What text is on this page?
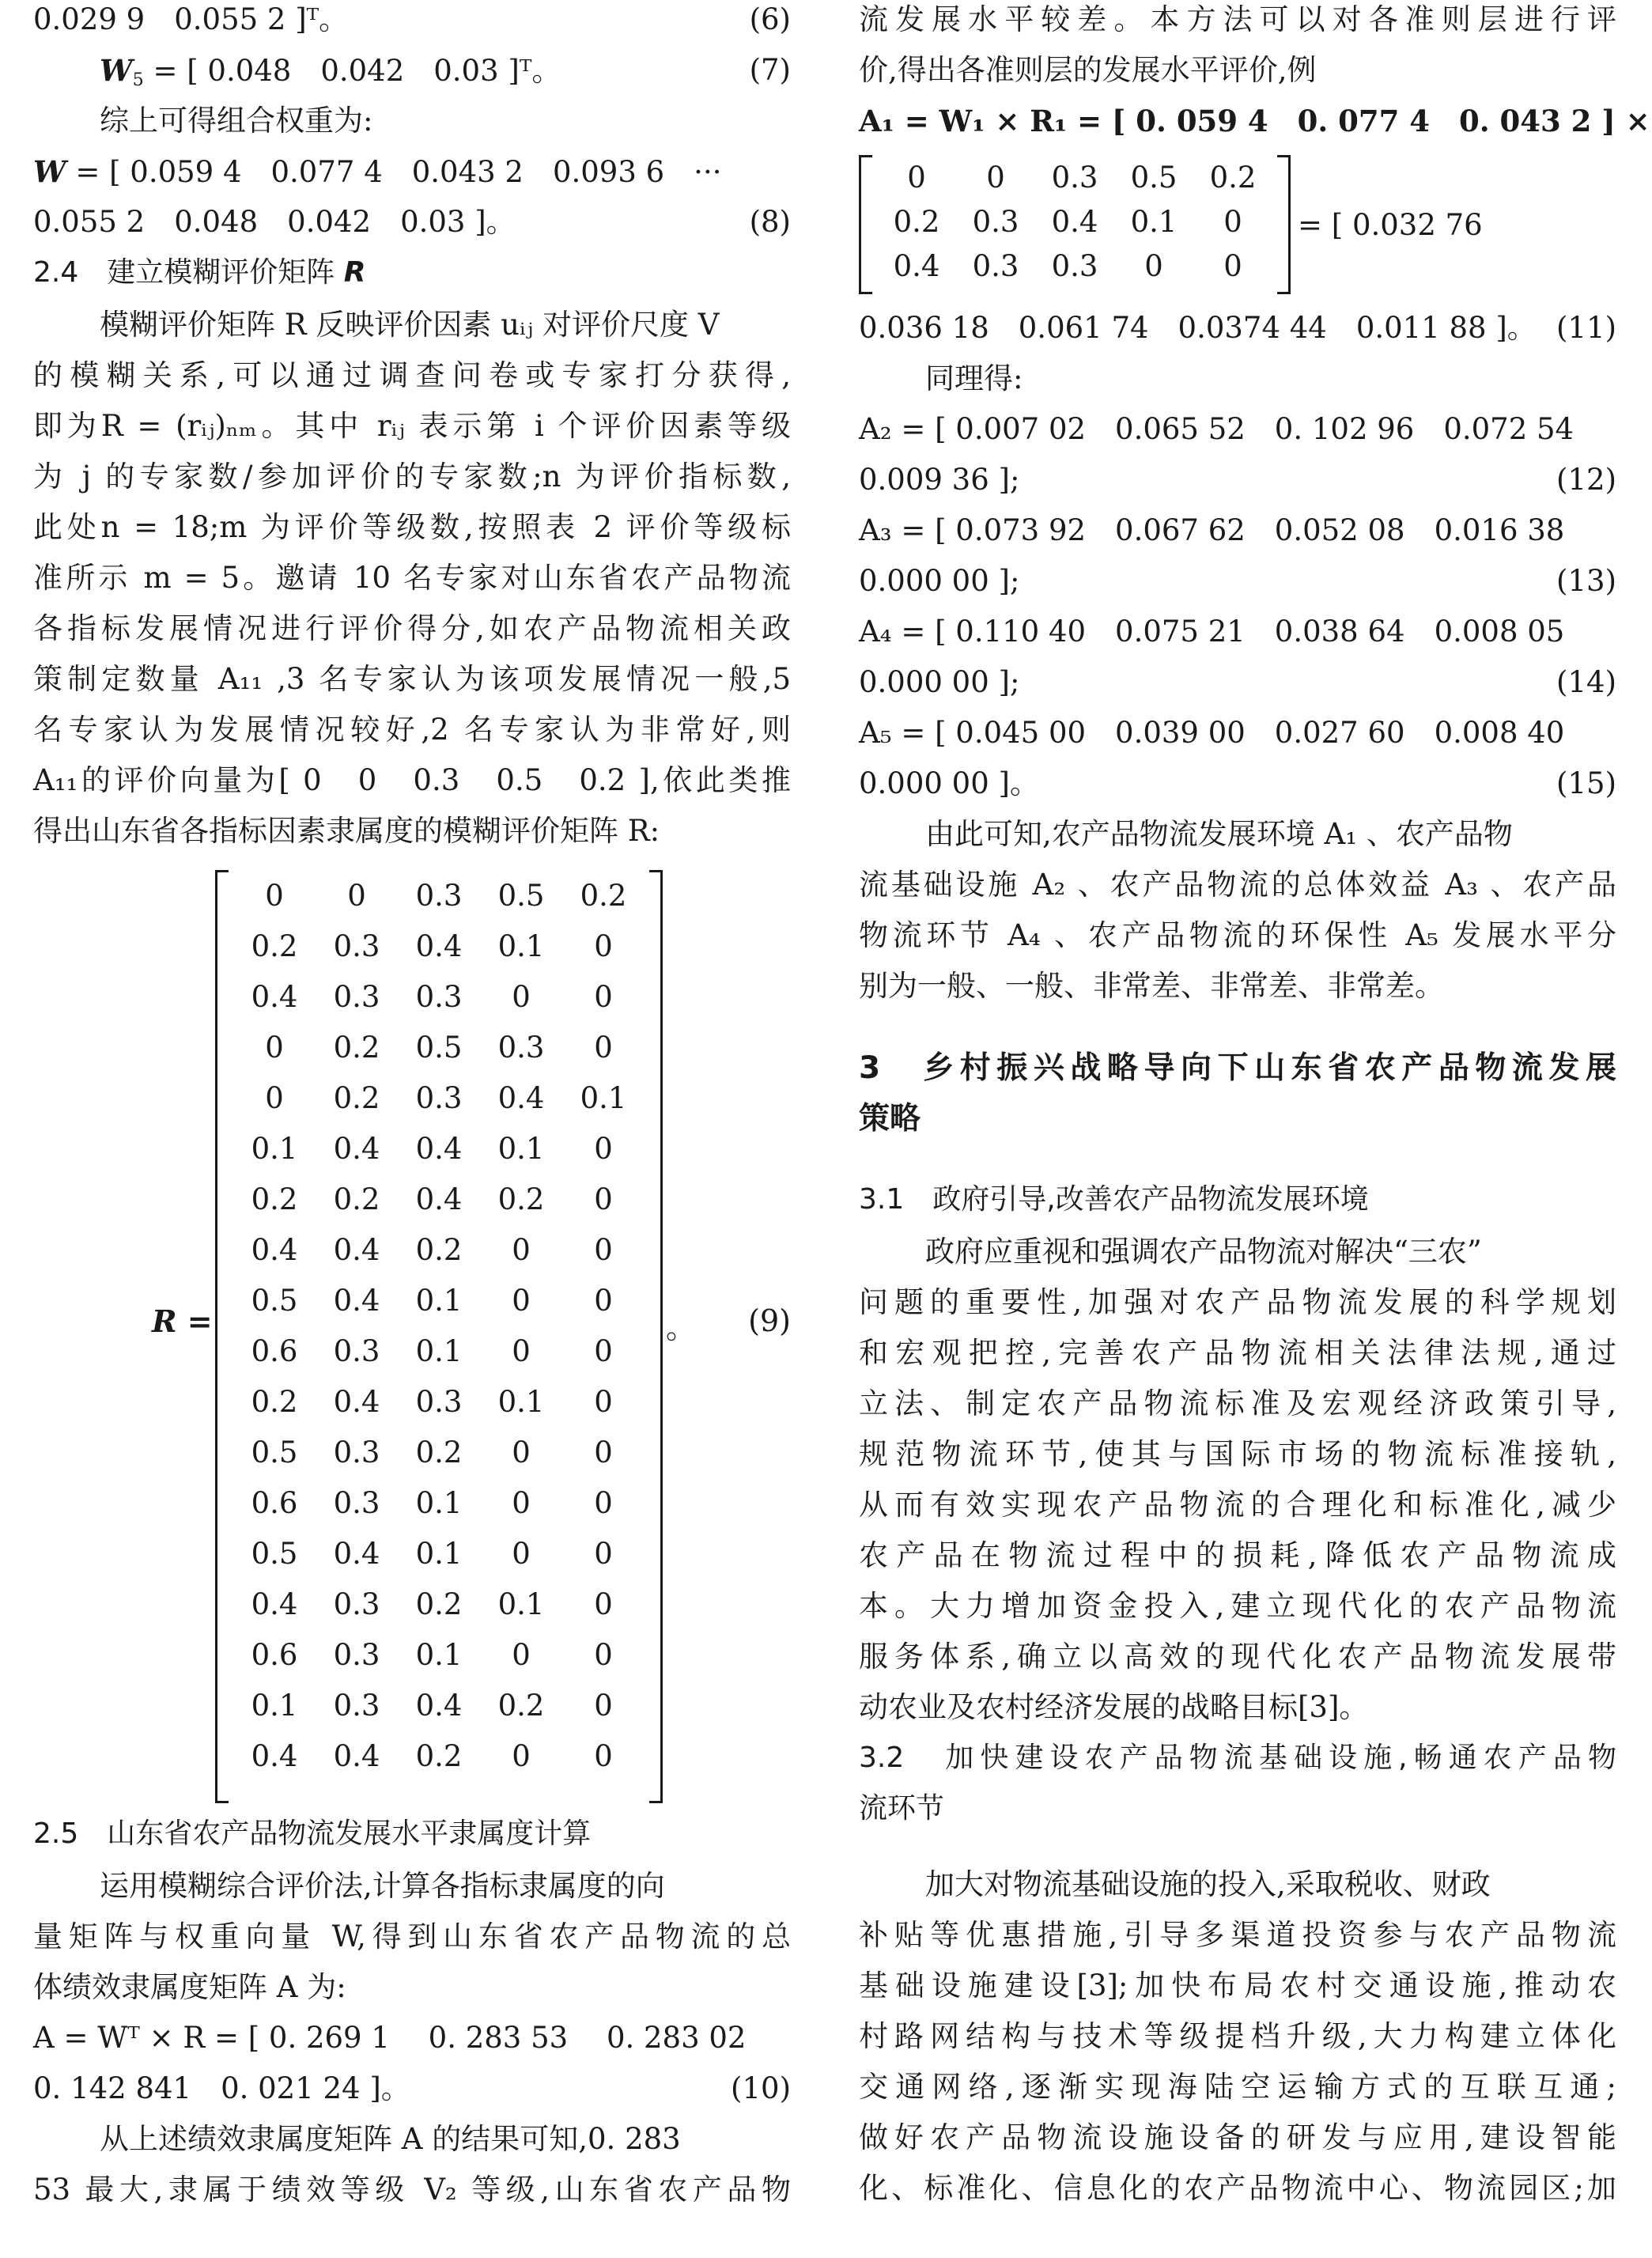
0.029 9　0.055 2 ]ᵀ。	(6)
$W_5$ = [ 0.048　0.042　0.03 ]ᵀ。	(7)
综上可得组合权重为:
W = [ 0.059 4　0.077 4　0.043 2　0.093 6　···
0.055 2　0.048　0.042　0.03 ]。	(8)
2.4　建立模糊评价矩阵 R
模糊评价矩阵 R 反映评价因素 uᵢⱼ 对评价尺度 V
的模糊关系,可以通过调查问卷或专家打分获得,
即为R = (rᵢⱼ)ₙₘ。其中 rᵢⱼ 表示第 i 个评价因素等级
为 j 的专家数/参加评价的专家数;n 为评价指标数,
此处n = 18;m 为评价等级数,按照表 2 评价等级标
准所示 m = 5。邀请 10 名专家对山东省农产品物流
各指标发展情况进行评价得分,如农产品物流相关政
策制定数量 A₁₁ ,3 名专家认为该项发展情况一般,5
名专家认为发展情况较好,2 名专家认为非常好,则
A₁₁的评价向量为[ 0　0　0.3　0.5　0.2 ],依此类推
得出山东省各指标因素隶属度的模糊评价矩阵 R:
R =
0	0	0.3	0.5	0.2
0.2	0.3	0.4	0.1	0
0.4	0.3	0.3	0	0
0	0.2	0.5	0.3	0
0	0.2	0.3	0.4	0.1
0.1	0.4	0.4	0.1	0
0.2	0.2	0.4	0.2	0
0.4	0.4	0.2	0	0
0.5	0.4	0.1	0	0
0.6	0.3	0.1	0	0
0.2	0.4	0.3	0.1	0
0.5	0.3	0.2	0	0
0.6	0.3	0.1	0	0
0.5	0.4	0.1	0	0
0.4	0.3	0.2	0.1	0
0.6	0.3	0.1	0	0
0.1	0.3	0.4	0.2	0
0.4	0.4	0.2	0	0
。 (9)
2.5　山东省农产品物流发展水平隶属度计算
运用模糊综合评价法,计算各指标隶属度的向
量矩阵与权重向量 W,得到山东省农产品物流的总
体绩效隶属度矩阵 A 为:
A = Wᵀ × R = [ 0. 269 1　 0. 283 53　 0. 283 02
0. 142 841　0. 021 24 ]。	(10)
从上述绩效隶属度矩阵 A 的结果可知,0. 283
53 最大,隶属于绩效等级 V₂ 等级,山东省农产品物
流发展水平较差。本方法可以对各准则层进行评
价,得出各准则层的发展水平评价,例
A₁ = W₁ × R₁ = [ 0. 059 4　0. 077 4　0. 043 2 ] ×
0	0	0.3	0.5	0.2
0.2	0.3	0.4	0.1	0
0.4	0.3	0.3	0	0
= [ 0.032 76
0.036 18　0.061 74　0.0374 44　0.011 88 ]。 (11)
同理得:
A₂ = [ 0.007 02　0.065 52　0. 102 96　0.072 54
0.009 36 ];	(12)
A₃ = [ 0.073 92　0.067 62　0.052 08　0.016 38
0.000 00 ];	(13)
A₄ = [ 0.110 40　0.075 21　0.038 64　0.008 05
0.000 00 ];	(14)
A₅ = [ 0.045 00　0.039 00　0.027 60　0.008 40
0.000 00 ]。	(15)
由此可知,农产品物流发展环境 A₁ 、农产品物
流基础设施 A₂ 、农产品物流的总体效益 A₃ 、农产品
物流环节 A₄ 、农产品物流的环保性 A₅ 发展水平分
别为一般、一般、非常差、非常差、非常差。
3　乡村振兴战略导向下山东省农产品物流发展
策略
3.1　政府引导,改善农产品物流发展环境
政府应重视和强调农产品物流对解决“三农”
问题的重要性,加强对农产品物流发展的科学规划
和宏观把控,完善农产品物流相关法律法规,通过
立法、制定农产品物流标准及宏观经济政策引导,
规范物流环节,使其与国际市场的物流标准接轨,
从而有效实现农产品物流的合理化和标准化,减少
农产品在物流过程中的损耗,降低农产品物流成
本。大力增加资金投入,建立现代化的农产品物流
服务体系,确立以高效的现代化农产品物流发展带
动农业及农村经济发展的战略目标[3]。
3.2　加快建设农产品物流基础设施,畅通农产品物
流环节
加大对物流基础设施的投入,采取税收、财政
补贴等优惠措施,引导多渠道投资参与农产品物流
基础设施建设[3];加快布局农村交通设施,推动农
村路网结构与技术等级提档升级,大力构建立体化
交通网络,逐渐实现海陆空运输方式的互联互通;
做好农产品物流设施设备的研发与应用,建设智能
化、标准化、信息化的农产品物流中心、物流园区;加
